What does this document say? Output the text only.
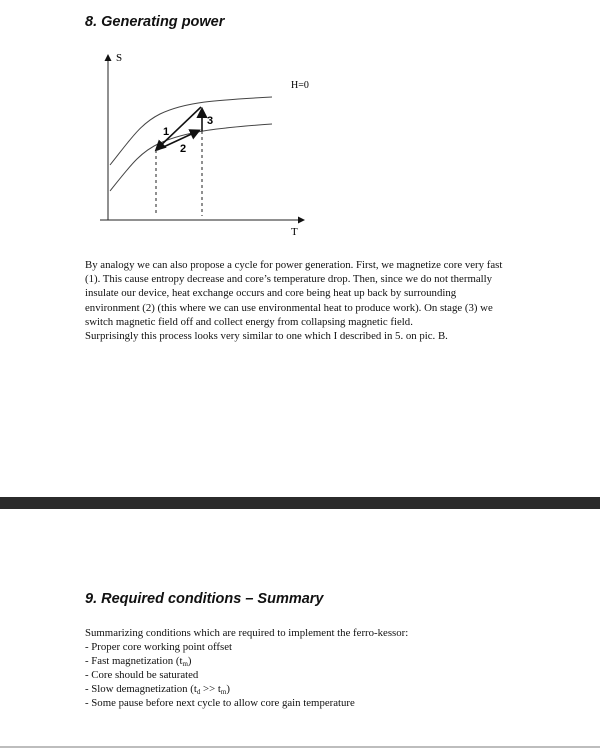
8. Generating power
S
T
H=0
1
2
3
By analogy we can also propose a cycle for power generation. First, we magnetize core very fast
(1). This cause entropy decrease and core’s temperature drop. Then, since we do not thermally
insulate our device, heat exchange occurs and core being heat up back by surrounding
environment (2) (this where we can use environmental heat to produce work). On stage (3) we
switch magnetic field off and collect energy from collapsing magnetic field.
Surprisingly this process looks very similar to one which I described in 5. on pic. B.
9. Required conditions – Summary
Summarizing conditions which are required to implement the ferro-kessor:
- Proper core working point offset
- Fast magnetization $(t_m)$
- Core should be saturated
- Slow demagnetization $(t_d >> t_m)$
- Some pause before next cycle to allow core gain temperature
